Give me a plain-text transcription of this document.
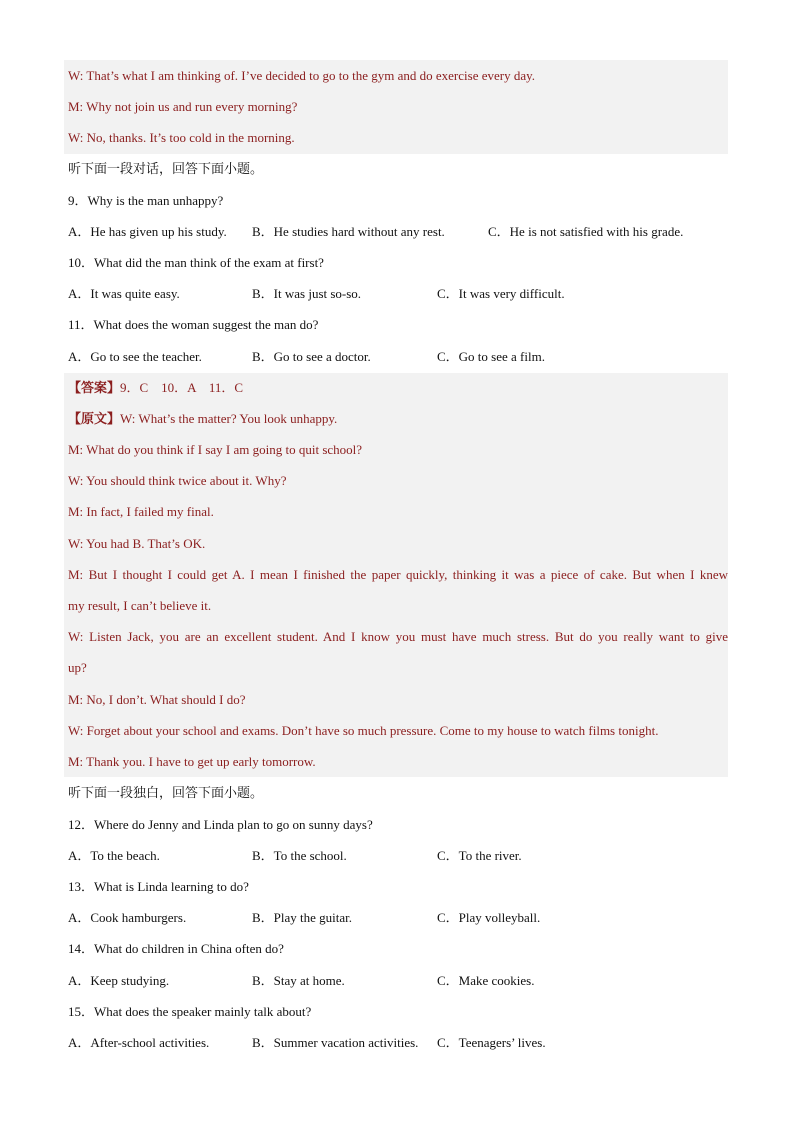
W: That’s what I am thinking of. I’ve decided to go to the gym and do exercise every day.
M: Why not join us and run every morning?
W: No, thanks. It’s too cold in the morning.
听下面一段对话，回答下面小题。
9．Why is the man unhappy?
A．He has given up his study. B．He studies hard without any rest.	C．He is not satisfied with his grade.
10．What did the man think of the exam at first?
A．It was quite easy.	B．It was just so-so.	C．It was very difficult.
11．What does the woman suggest the man do?
A．Go to see the teacher.	B．Go to see a doctor.	C．Go to see a film.
【答案】9．C　10．A　11．C
【原文】W: What’s the matter? You look unhappy.
M: What do you think if I say I am going to quit school?
W: You should think twice about it. Why?
M: In fact, I failed my final.
W: You had B. That’s OK.
M: But I thought I could get A. I mean I finished the paper quickly, thinking it was a piece of cake. But when I knew
my result, I can’t believe it.
W: Listen Jack, you are an excellent student. And I know you must have much stress. But do you really want to give
up?
M: No, I don’t. What should I do?
W: Forget about your school and exams. Don’t have so much pressure. Come to my house to watch films tonight.
M: Thank you. I have to get up early tomorrow.
听下面一段独白，回答下面小题。
12．Where do Jenny and Linda plan to go on sunny days?
A．To the beach.	B．To the school.	C．To the river.
13．What is Linda learning to do?
A．Cook hamburgers.	B．Play the guitar.	C．Play volleyball.
14．What do children in China often do?
A．Keep studying.	B．Stay at home.	C．Make cookies.
15．What does the speaker mainly talk about?
A．After-school activities.	B．Summer vacation activities. C．Teenagers’ lives.
